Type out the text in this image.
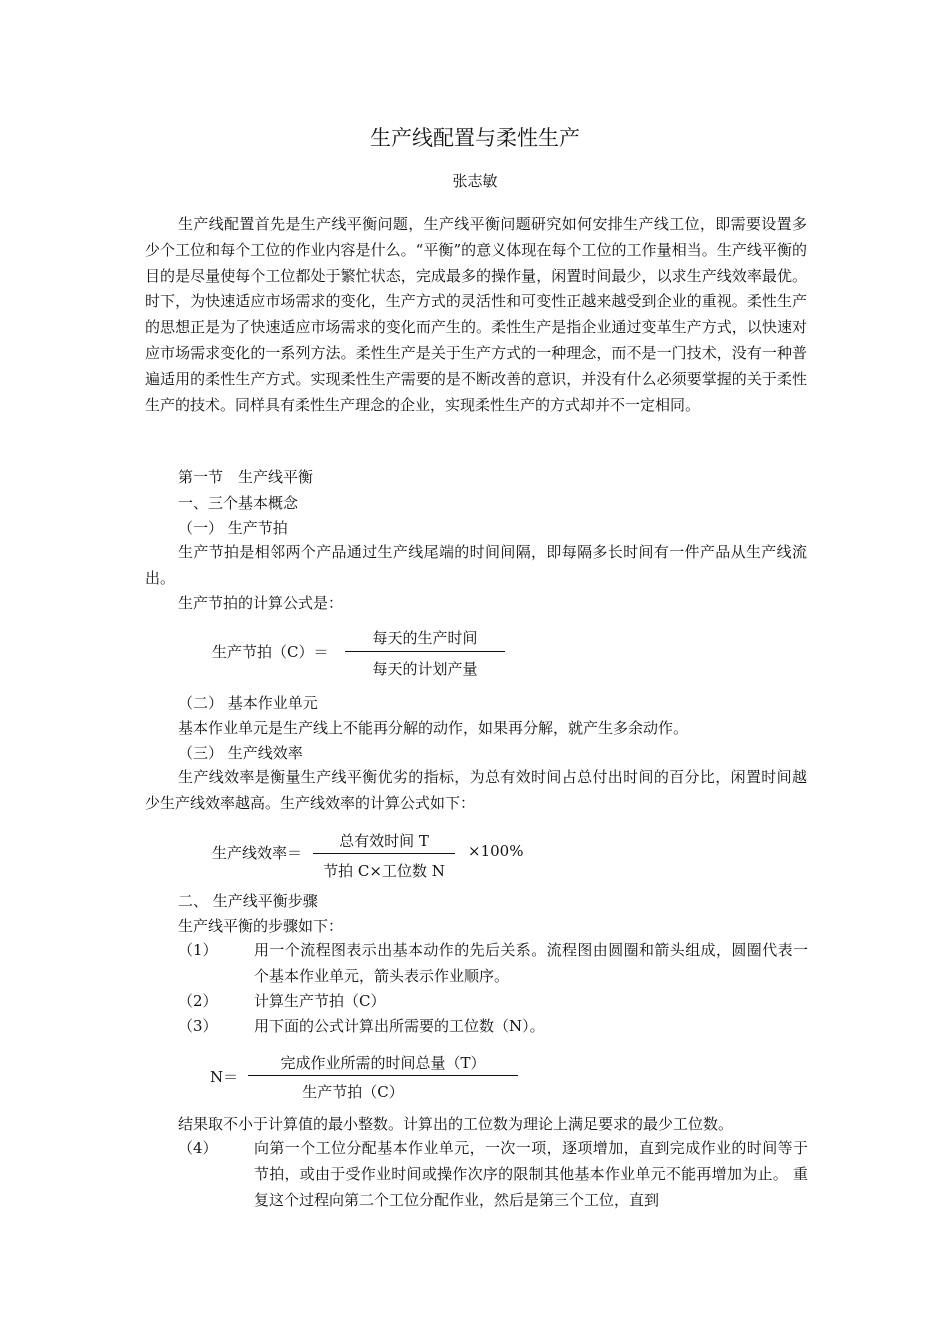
生产线配置与柔性生产
张志敏
生产线配置首先是生产线平衡问题，生产线平衡问题研究如何安排生产线工位，即需要设置多少个工位和每个工位的作业内容是什么。“平衡”的意义体现在每个工位的工作量相当。生产线平衡的目的是尽量使每个工位都处于繁忙状态，完成最多的操作量，闲置时间最少，以求生产线效率最优。时下，为快速适应市场需求的变化，生产方式的灵活性和可变性正越来越受到企业的重视。柔性生产的思想正是为了快速适应市场需求的变化而产生的。柔性生产是指企业通过变革生产方式，以快速对应市场需求变化的一系列方法。柔性生产是关于生产方式的一种理念，而不是一门技术，没有一种普遍适用的柔性生产方式。实现柔性生产需要的是不断改善的意识，并没有什么必须要掌握的关于柔性生产的技术。同样具有柔性生产理念的企业，实现柔性生产的方式却并不一定相同。
第一节　生产线平衡
一、三个基本概念
（一） 生产节拍
生产节拍是相邻两个产品通过生产线尾端的时间间隔，即每隔多长时间有一件产品从生产线流出。
生产节拍的计算公式是：
生产节拍（C）＝
每天的生产时间
每天的计划产量
（二） 基本作业单元
基本作业单元是生产线上不能再分解的动作，如果再分解，就产生多余动作。
（三） 生产线效率
生产线效率是衡量生产线平衡优劣的指标，为总有效时间占总付出时间的百分比，闲置时间越少生产线效率越高。生产线效率的计算公式如下：
生产线效率＝
总有效时间 T
节拍 C×工位数 N
×100%
二、 生产线平衡步骤
生产线平衡的步骤如下：
（1） 用一个流程图表示出基本动作的先后关系。流程图由圆圈和箭头组成，圆圈代表一个基本作业单元，箭头表示作业顺序。
（2） 计算生产节拍（C）
（3） 用下面的公式计算出所需要的工位数（N）。
N＝
完成作业所需的时间总量（T）
生产节拍（C）
结果取不小于计算值的最小整数。计算出的工位数为理论上满足要求的最少工位数。
（4） 向第一个工位分配基本作业单元，一次一项，逐项增加，直到完成作业的时间等于节拍，或由于受作业时间或操作次序的限制其他基本作业单元不能再增加为止。 重复这个过程向第二个工位分配作业，然后是第三个工位，直到
